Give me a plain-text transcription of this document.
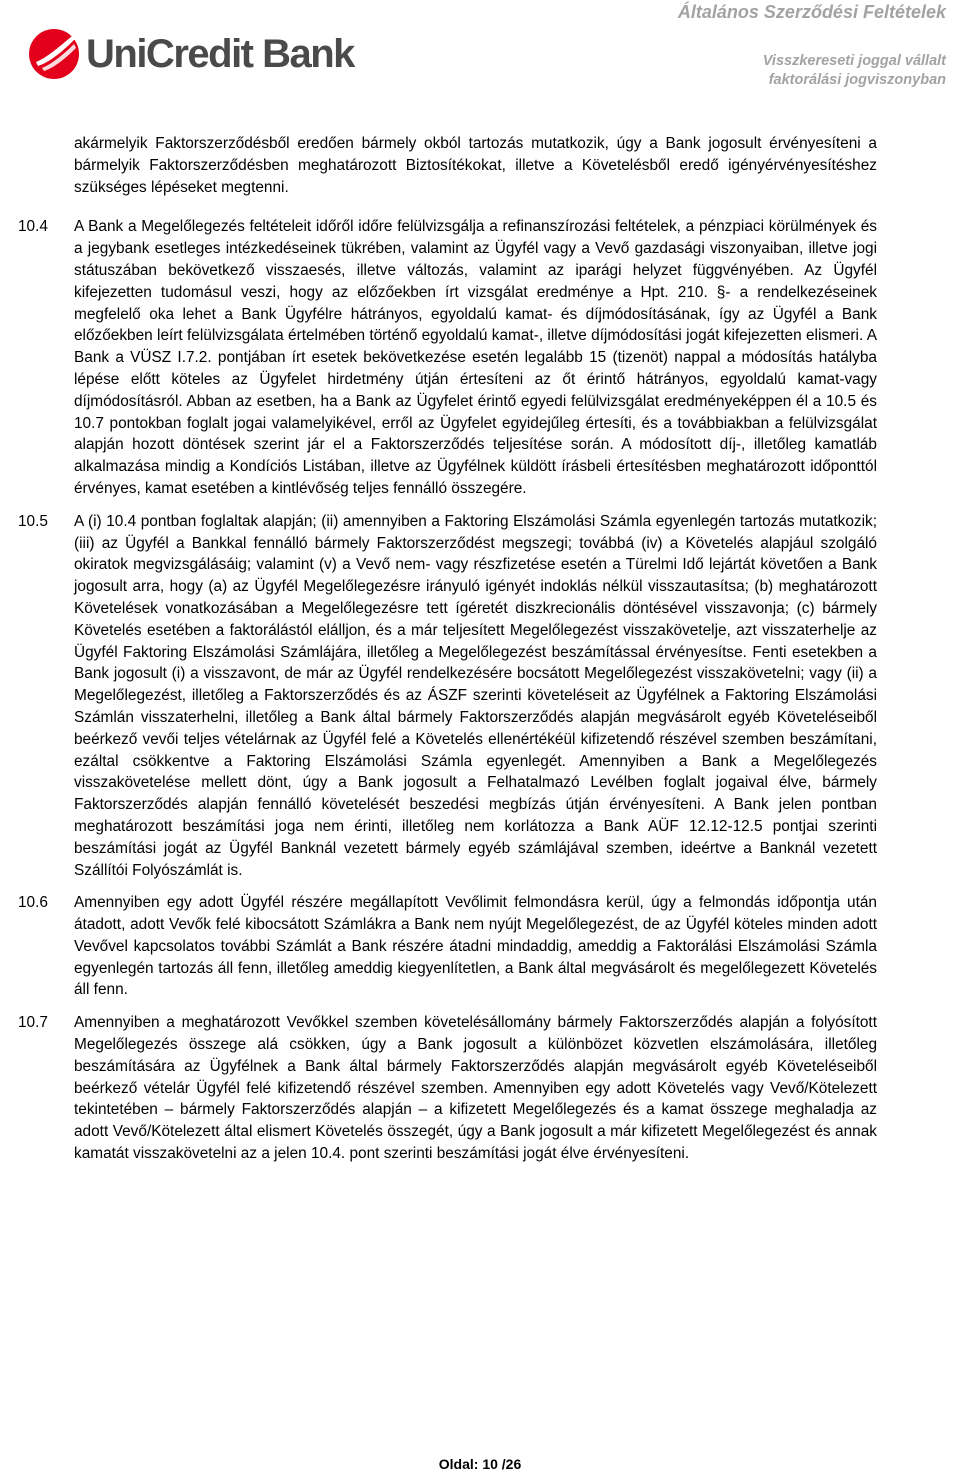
UniCredit Bank
Általános Szerződési Feltételek
Visszkereseti joggal vállalt
faktorálási jogviszonyban
akármelyik Faktorszerződésből eredően bármely okból tartozás mutatkozik, úgy a Bank jogosult érvényesíteni a bármelyik Faktorszerződésben meghatározott Biztosítékokat, illetve a Követelésből eredő igényérvényesítéshez szükséges lépéseket megtenni.
10.4 A Bank a Megelőlegezés feltételeit időről időre felülvizsgálja a refinanszírozási feltételek, a pénzpiaci körülmények és a jegybank esetleges intézkedéseinek tükrében, valamint az Ügyfél vagy a Vevő gazdasági viszonyaiban, illetve jogi státuszában bekövetkező visszaesés, illetve változás, valamint az iparági helyzet függvényében. Az Ügyfél kifejezetten tudomásul veszi, hogy az előzőekben írt vizsgálat eredménye a Hpt. 210. §- a rendelkezéseinek megfelelő oka lehet a Bank Ügyfélre hátrányos, egyoldalú kamat- és díjmódosításának, így az Ügyfél a Bank előzőekben leírt felülvizsgálata értelmében történő egyoldalú kamat-, illetve díjmódosítási jogát kifejezetten elismeri. A Bank a VÜSZ I.7.2. pontjában írt esetek bekövetkezése esetén legalább 15 (tizenöt) nappal a módosítás hatályba lépése előtt köteles az Ügyfelet hirdetmény útján értesíteni az őt érintő hátrányos, egyoldalú kamat-vagy díjmódosításról. Abban az esetben, ha a Bank az Ügyfelet érintő egyedi felülvizsgálat eredményeképpen él a 10.5 és 10.7 pontokban foglalt jogai valamelyikével, erről az Ügyfelet egyidejűleg értesíti, és a továbbiakban a felülvizsgálat alapján hozott döntések szerint jár el a Faktorszerződés teljesítése során. A módosított díj-, illetőleg kamatláb alkalmazása mindig a Kondíciós Listában, illetve az Ügyfélnek küldött írásbeli értesítésben meghatározott időponttól érvényes, kamat esetében a kintlévőség teljes fennálló összegére.
10.5 A (i) 10.4 pontban foglaltak alapján; (ii) amennyiben a Faktoring Elszámolási Számla egyenlegén tartozás mutatkozik; (iii) az Ügyfél a Bankkal fennálló bármely Faktorszerződést megszegi; továbbá (iv) a Követelés alapjául szolgáló okiratok megvizsgálásáig; valamint (v) a Vevő nem- vagy részfizetése esetén a Türelmi Idő lejártát követően a Bank jogosult arra, hogy (a) az Ügyfél Megelőlegezésre irányuló igényét indoklás nélkül visszautasítsa; (b) meghatározott Követelések vonatkozásában a Megelőlegezésre tett ígéretét diszkrecionális döntésével visszavonja; (c) bármely Követelés esetében a faktorálástól elálljon, és a már teljesített Megelőlegezést visszakövetelje, azt visszaterhelje az Ügyfél Faktoring Elszámolási Számlájára, illetőleg a Megelőlegezést beszámítással érvényesítse. Fenti esetekben a Bank jogosult (i) a visszavont, de már az Ügyfél rendelkezésére bocsátott Megelőlegezést visszakövetelni; vagy (ii) a Megelőlegezést, illetőleg a Faktorszerződés és az ÁSZF szerinti követeléseit az Ügyfélnek a Faktoring Elszámolási Számlán visszaterhelni, illetőleg a Bank által bármely Faktorszerződés alapján megvásárolt egyéb Követeléseiből beérkező vevői teljes vételárnak az Ügyfél felé a Követelés ellenértékéül kifizetendő részével szemben beszámítani, ezáltal csökkentve a Faktoring Elszámolási Számla egyenlegét. Amennyiben a Bank a Megelőlegezés visszakövetelése mellett dönt, úgy a Bank jogosult a Felhatalmazó Levélben foglalt jogaival élve, bármely Faktorszerződés alapján fennálló követelését beszedési megbízás útján érvényesíteni. A Bank jelen pontban meghatározott beszámítási joga nem érinti, illetőleg nem korlátozza a Bank AÜF 12.12-12.5 pontjai szerinti beszámítási jogát az Ügyfél Banknál vezetett bármely egyéb számlájával szemben, ideértve a Banknál vezetett Szállítói Folyószámlát is.
10.6 Amennyiben egy adott Ügyfél részére megállapított Vevőlimit felmondásra kerül, úgy a felmondás időpontja után átadott, adott Vevők felé kibocsátott Számlákra a Bank nem nyújt Megelőlegezést, de az Ügyfél köteles minden adott Vevővel kapcsolatos további Számlát a Bank részére átadni mindaddig, ameddig a Faktorálási Elszámolási Számla egyenlegén tartozás áll fenn, illetőleg ameddig kiegyenlítetlen, a Bank által megvásárolt és megelőlegezett Követelés áll fenn.
10.7 Amennyiben a meghatározott Vevőkkel szemben követelésállomány bármely Faktorszerződés alapján a folyósított Megelőlegezés összege alá csökken, úgy a Bank jogosult a különbözet közvetlen elszámolására, illetőleg beszámítására az Ügyfélnek a Bank által bármely Faktorszerződés alapján megvásárolt egyéb Követeléseiből beérkező vételár Ügyfél felé kifizetendő részével szemben. Amennyiben egy adott Követelés vagy Vevő/Kötelezett tekintetében – bármely Faktorszerződés alapján – a kifizetett Megelőlegezés és a kamat összege meghaladja az adott Vevő/Kötelezett által elismert Követelés összegét, úgy a Bank jogosult a már kifizetett Megelőlegezést és annak kamatát visszakövetelni az a jelen 10.4. pont szerinti beszámítási jogát élve érvényesíteni.
Oldal: 10 /26
